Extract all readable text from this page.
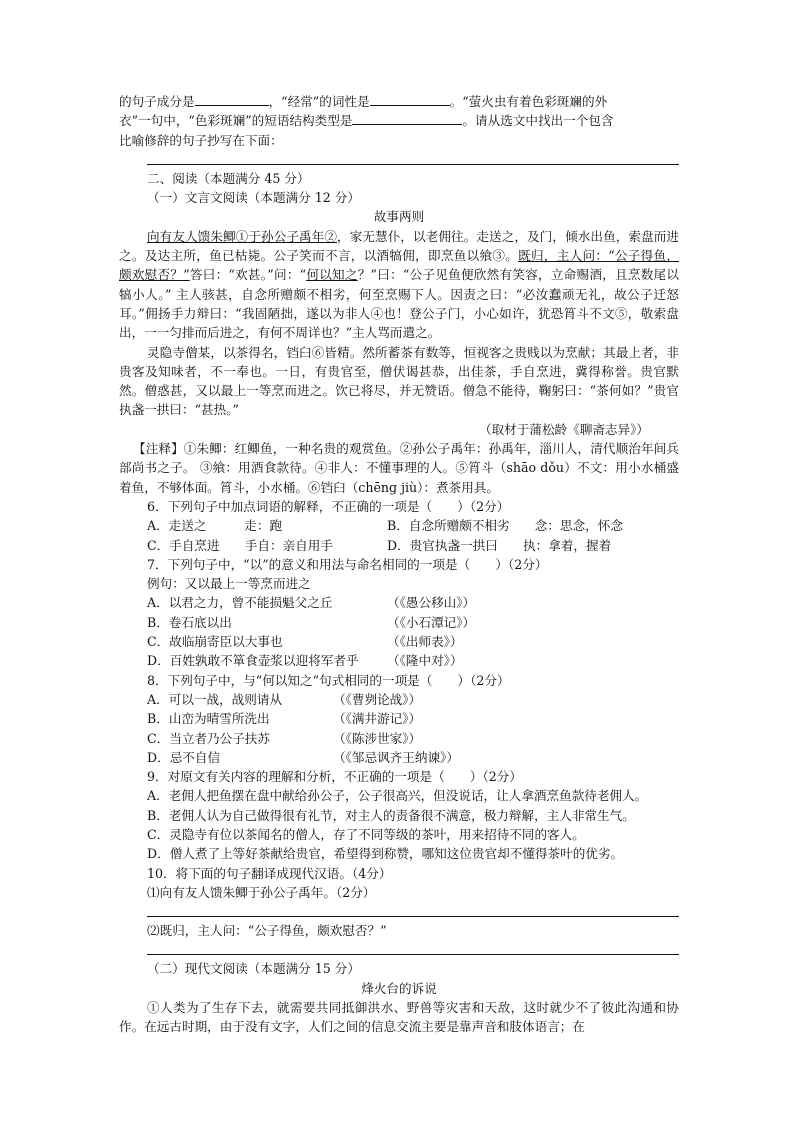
的句子成分是	，“经常”的词性是	。“萤火虫有着色彩斑斓的外

衣”一句中，“色彩斑斓”的短语结构类型是	。请从选文中找出一个包含

比喻修辞的句子抄写在下面：

二、阅读（本题满分 45 分）

（一）文言文阅读（本题满分 12 分）

故事两则

向有友人馈朱鲫①于孙公子禹年②，家无慧仆，以老佣往。走送之，及门，倾水出鱼，索盘而进之。及达主所，鱼已枯毙。公子笑而不言，以酒犒佣，即烹鱼以飨③。既归，主人问：“公子得鱼，颇欢慰否？”答曰：“欢甚。”问：“何以知之？”曰：“公子见鱼便欣然有笑容，立命赐酒，且烹数尾以犒小人。” 主人骇甚，自念所赠颇不相劣，何至烹赐下人。因责之曰：“必汝蠢顽无礼，故公子迁怒耳。”佣扬手力辩曰：“我固陋拙，遂以为非人④也！登公子门，小心如许，犹恐筲斗不文⑤，敬索盘出，一一匀排而后进之，有何不周详也？”主人骂而遣之。

灵隐寺僧某，以茶得名，铛臼⑥皆精。然所蓄茶有数等，恒视客之贵贱以为烹献；其最上者，非贵客及知味者，不一奉也。一日，有贵官至，僧伏谒甚恭，出佳茶，手自烹进，冀得称誉。贵官默然。僧惑甚，又以最上一等烹而进之。饮已将尽，并无赞语。僧急不能待，鞠躬曰：“茶何如？”贵官执盏一拱曰：“甚热。”

（取材于蒲松龄《聊斋志异》）

【注释】①朱鲫：红鲫鱼，一种名贵的观赏鱼。②孙公子禹年：孙禹年，淄川人，清代顺治年间兵部尚书之子。 ③飨：用酒食款待。④非人：不懂事理的人。⑤筲斗（shāo dǒu）不文：用小水桶盛着鱼，不够体面。筲斗，小水桶。⑥铛臼（chēng jiù）：煮茶用具。

6．下列句子中加点词语的解释，不正确的一项是（　　）（2分）

A．走送之　　　走：跑	B．自念所赠颇不相劣　　念：思念，怀念
C．手自烹进　　手自：亲自用手	D．贵官执盏一拱曰　　执：拿着，握着

7．下列句子中，“以”的意义和用法与命名相同的一项是（　　）（2分）

例句：又以最上一等烹而进之

A．以君之力，曾不能损魁父之丘	（《愚公移山》）
B．卷石底以出	（《小石潭记》）
C．故临崩寄臣以大事也	（《出师表》）
D．百姓孰敢不箪食壶浆以迎将军者乎	（《隆中对》）

8．下列句子中，与“何以知之”句式相同的一项是（　　）（2分）

A．可以一战，战则请从	（《曹刿论战》）
B．山峦为晴雪所洗出	（《满井游记》）
C．当立者乃公子扶苏	（《陈涉世家》）
D．忌不自信	（《邹忌讽齐王纳谏》）

9．对原文有关内容的理解和分析，不正确的一项是（　　）（2分）

A．老佣人把鱼摆在盘中献给孙公子，公子很高兴，但没说话，让人拿酒烹鱼款待老佣人。

B．老佣人认为自己做得很有礼节，对主人的责备很不满意，极力辩解，主人非常生气。

C．灵隐寺有位以茶闻名的僧人，存了不同等级的茶叶，用来招待不同的客人。

D．僧人煮了上等好茶献给贵官，希望得到称赞，哪知这位贵官却不懂得茶叶的优劣。

10．将下面的句子翻译成现代汉语。（4分）

⑴向有友人馈朱鲫于孙公子禹年。（2分）

⑵既归，主人问：“公子得鱼，颇欢慰否？”

（二）现代文阅读（本题满分 15 分）

烽火台的诉说

①人类为了生存下去，就需要共同抵御洪水、野兽等灾害和天敌，这时就少不了彼此沟通和协作。在远古时期，由于没有文字，人们之间的信息交流主要是靠声音和肢体语言；在
